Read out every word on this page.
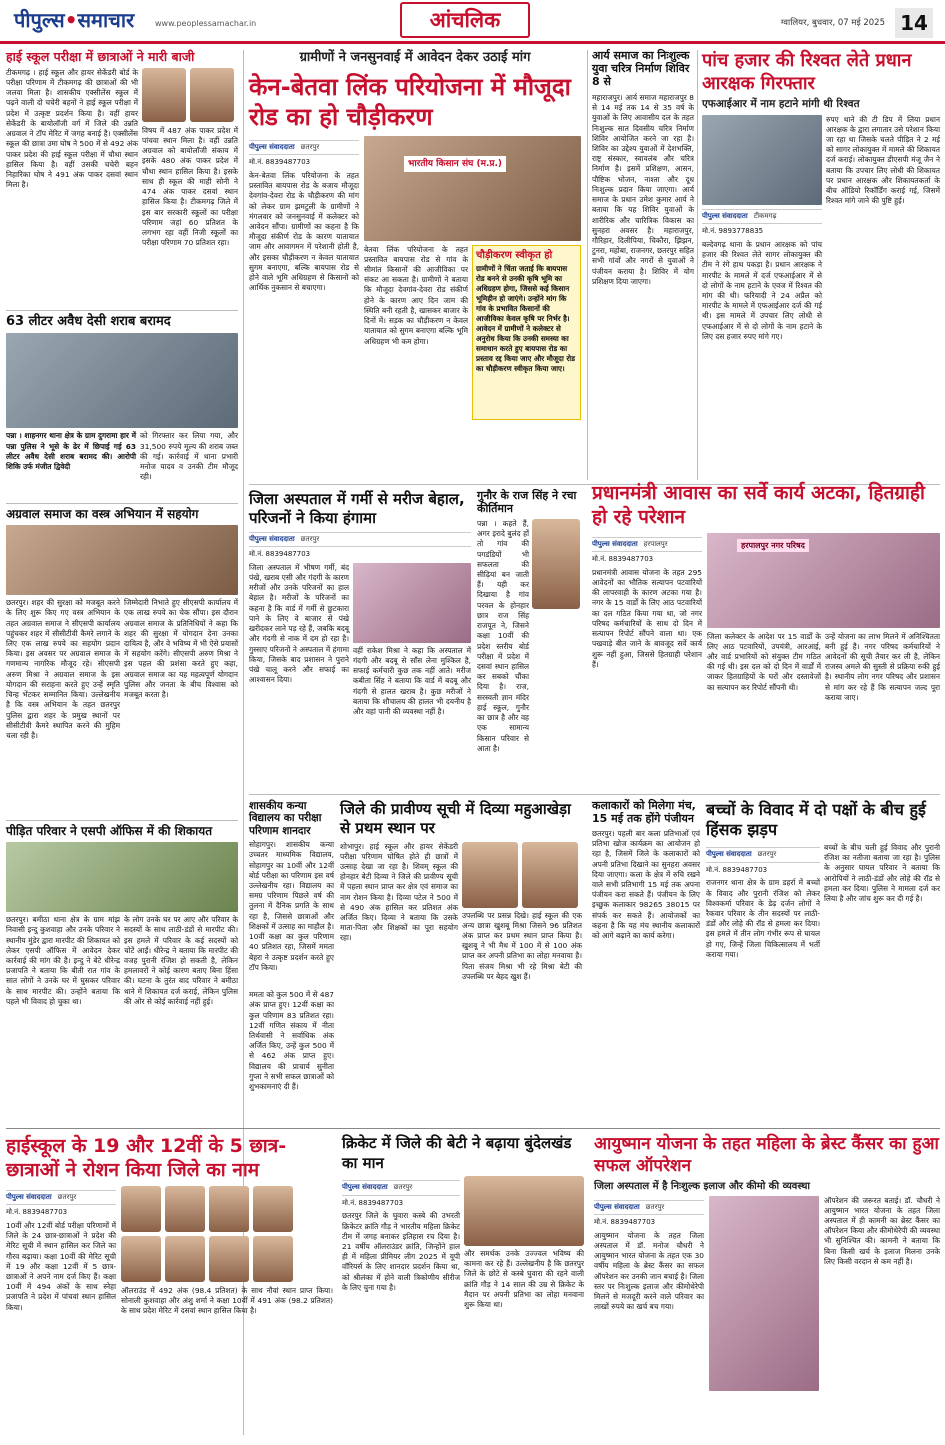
पीपुल्स•समाचार	www.peoplessamachar.in	आंचलिक	ग्वालियर, बुधवार, 07 मई 2025 14
हाई स्कूल परीक्षा में छात्राओं ने मारी बाजी
टीकमगढ़ । हाई स्कूल और हायर सेकेंडरी बोर्ड के परीक्षा परिणाम में टीकमगढ़ की छात्राओं की भी जलवा मिला है। शासकीय एक्सीलेंस स्कूल में पढ़ने वाली दो चचेरी बहनों ने हाई स्कूल परीक्षा में प्रदेश में उत्कृष्ट प्रदर्शन किया है। वहीं हायर सेकेंडरी के बायोलॉजी वर्ग में जिले की उन्नति अग्रवाल ने टॉप मेरिट में जगह बनाई है। एक्सीलेंस स्कूल की छात्रा उमा घोष ने 500 में से 492 अंक पाकर प्रदेश की हाई स्कूल परीक्षा में चौथा स्थान हासिल किया है। वहीं उसकी चचेरी बहन निहारिका घोष ने 491 अंक पाकर दसवां स्थान मिला है।
विषय में 487 अंक पाकर प्रदेश में पांचवा स्थान मिला है। वहीं उन्नति अग्रवाल को बायोलॉजी संकाय में इसके 480 अंक पाकर प्रदेश में चौथा स्थान हासिल किया है। इसके साथ ही स्कूल की माही सोनी ने 474 अंक पाकर दसवां स्थान हासिल किया है। टीकमगढ़ जिले में इस बार सरकारी स्कूलों का परीक्षा परिणाम जहां 60 प्रतिशत के लगभग रहा वहीं निजी स्कूलों का परीक्षा परिणाम 70 प्रतिशत रहा।
63 लीटर अवैध देसी शराब बरामद
पन्ना । शाहनगर थाना क्षेत्र के ग्राम दुगरामा हार में पन्ना पुलिस ने भूसे के ढेर में छिपाई गई 63 लीटर अवैध देसी शराब बरामद की। आरोपी शिकि उर्फ मंजीत द्विवेदी
को गिरफ्तार कर लिया गया, और 31,500 रुपये मूल्य की शराब जब्त की गई। कार्रवाई में थाना प्रभारी मनोज यादव व उनकी टीम मौजूद रही।
अग्रवाल समाज का वस्त्र अभियान में सहयोग
छतरपुर। शहर की सुरक्षा को मजबूत करने के लिए शुरू किए गए वस्त्र अभियान के तहत अग्रवाल समाज ने सीएसपी कार्यालय पहुंचकर शहर में सीसीटीवी कैमरे लगाने के लिए एक लाख रुपये का सहयोग प्रदान किया। इस अवसर पर अग्रवाल समाज के गणमान्य नागरिक मौजूद रहे। सीएसपी अरुण मिश्रा ने अग्रवाल समाज के इस योगदान की सराहना करते हुए उन्हें स्मृति चिन्ह भेंटकर सम्मानित किया। उल्लेखनीय है कि वस्त्र अभियान के तहत छतरपुर पुलिस द्वारा शहर के प्रमुख स्थानों पर सीसीटीवी कैमरे स्थापित करने की मुहिम चला रही है।
जिम्मेदारी निभाते हुए सीएसपी कार्यालय में एक लाख रुपये का चेक सौंपा। इस दौरान अग्रवाल समाज के प्रतिनिधियों ने कहा कि शहर की सुरक्षा में योगदान देना उनका दायित्व है, और वे भविष्य में भी ऐसे प्रयासों में सहयोग करेंगे। सीएसपी अरुण मिश्रा ने इस पहल की प्रशंसा करते हुए कहा, अग्रवाल समाज का यह महत्वपूर्ण योगदान पुलिस और जनता के बीच विश्वास को मजबूत करता है।
पीड़ित परिवार ने एसपी ऑफिस में की शिकायत
छतरपुर। बमीठा थाना क्षेत्र के ग्राम मांझ निवासी इन्दु कुशवाहा और उनके परिवार ने स्थानीय मुंडेर द्वारा मारपीट की शिकायत को लेकर एसपी ऑफिस में आवेदन देकर कार्रवाई की मांग की है। इन्दु ने बेटे धीरेन्द्र प्रजापति ने बताया कि बीती रात गांव के सात लोगों ने उनके घर में घुसकर परिवार के साथ मारपीट की। उन्होंने बताया कि पहले भी विवाद हो चुका था।
के लोग उनके घर पर आए और परिवार के सदस्यों के साथ लाठी-डंडों से मारपीट की। इस हमले में परिवार के कई सदस्यों को चोटें आईं। धीरेन्द्र ने बताया कि मारपीट की वजह पुरानी रंजिश हो सकती है, लेकिन हमलावरों ने कोई कारण बताए बिना हिंसा की। घटना के तुरंत बाद परिवार ने बमीठा थाने में शिकायत दर्ज कराई, लेकिन पुलिस की ओर से कोई कार्रवाई नहीं हुई।
ग्रामीणों ने जनसुनवाई में आवेदन देकर उठाई मांग
केन-बेतवा लिंक परियोजना में मौजूदा रोड का हो चौड़ीकरण
पीपुल्स संवाददाता छतरपुर
मो.नं. 8839487703
केन-बेतवा लिंक परियोजना के तहत प्रस्तावित बायपास रोड के बजाय मौजूदा देवगांव-देवरा रोड के चौड़ीकरण की मांग को लेकर ग्राम झमटुली के ग्रामीणों ने मंगलवार को जनसुनवाई में कलेक्टर को आवेदन सौंपा। ग्रामीणों का कहना है कि मौजूदा संकीर्ण रोड के कारण यातायात जाम और आवागमन में परेशानी होती है, और इसका चौड़ीकरण न केवल यातायात सुगम बनाएगा, बल्कि बायपास रोड से होने वाले भूमि अधिग्रहण से किसानों को आर्थिक नुकसान से बचाएगा।
भारतीय किसान संघ (म.प्र.)
बेतवा लिंक परियोजना के तहत प्रस्तावित बायपास रोड से गांव के सीमांत किसानों की आजीविका पर संकट आ सकता है। ग्रामीणों ने बताया कि मौजूदा देवगांव-देवरा रोड संकीर्ण होने के कारण आए दिन जाम की स्थिति बनी रहती है, खासकर बाजार के दिनों में। सड़क का चौड़ीकरण न केवल यातायात को सुगम बनाएगा बल्कि भूमि अधिग्रहण भी कम होगा।
चौड़ीकरण स्वीकृत हो
ग्रामीणों ने चिंता जताई कि बायपास रोड बनने से उनकी कृषि भूमि का अधिग्रहण होगा, जिससे कई किसान भूमिहीन हो जाएंगे। उन्होंने मांग कि गांव के प्रभावित किसानों की आजीविका केवल कृषि पर निर्भर है। आवेदन में ग्रामीणों ने कलेक्टर से अनुरोध किया कि उनकी समस्या का समाधान करते हुए बायपास रोड का प्रस्ताव रद्द किया जाए और मौजूदा रोड का चौड़ीकरण स्वीकृत किया जाए।
आर्य समाज का निःशुल्क युवा चरित्र निर्माण शिविर 8 से
महाराजपुर। आर्य समाज महाराजपुर 8 से 14 मई तक 14 से 35 वर्ष के युवाओं के लिए आवासीय दल के तहत निःशुल्क सात दिवसीय चरित्र निर्माण शिविर आयोजित करने जा रहा है। शिविर का उद्देश्य युवाओं में देशभक्ति, राष्ट्र संस्कार, स्वावलंब और चरित्र निर्माण है। इसमें प्रशिक्षण, आसन, पौष्टिक भोजन, नाश्ता और दूध निःशुल्क प्रदान किया जाएगा। आर्य समाज के प्रधान उमेश कुमार आर्य ने बताया कि यह शिविर युवाओं के शारीरिक और चारित्रिक विकास का सुनहरा अवसर है। महाराजपुर, गौरिहार, दिलीपिया, चिकौरा, झिझन, टुनरा, महोबा, राजनगर, छतरपुर सहित सभी गांवों और नगरों से युवाओं ने पंजीयन कराया है। शिविर में योग प्रशिक्षण दिया जाएगा।
पांच हजार की रिश्वत लेते प्रधान आरक्षक गिरफ्तार
एफआईआर में नाम हटाने मांगी थी रिश्वत
पीपुल्स संवाददाता टीकमगढ़
मो.नं. 9893778835
बल्देवगढ़ थाना के प्रधान आरक्षक को पांच हजार की रिश्वत लेते सागर लोकायुक्त की टीम ने रंगे हाथ पकड़ा है। प्रधान आरक्षक ने मारपीट के मामले में दर्ज एफआईआर में से दो लोगों के नाम हटाने के एवज में रिश्वत की मांग की थी। फरियादी ने 24 अप्रैल को मारपीट के मामले में एफआईआर दर्ज की गई थी। इस मामले में उपचार लिए लोधी से एफआईआर में से दो लोगों के नाम हटाने के लिए दस हजार रुपए मांगे गए।
रुपए थाने की टी डिप में लिया प्रधान आरक्षक के द्वारा लगातार उसे परेशान किया जा रहा था जिसके चलते पीड़ित ने 2 मई को सागर लोकायुक्त में मामले की शिकायत दर्ज कराई। लोकायुक्त डीएसपी मंजू जैन ने बताया कि उपचार लिए लोधी की शिकायत पर प्रधान आरक्षक और शिकायतकर्ता के बीच ऑडियो रिकॉर्डिंग कराई गई, जिसमें रिश्वत मांगे जाने की पुष्टि हुई।
जिला अस्पताल में गर्मी से मरीज बेहाल, परिजनों ने किया हंगामा
पीपुल्स संवाददाता छतरपुर
मो.नं. 8839487703
जिला अस्पताल में भीषण गर्मी, बंद पंखे, खराब एसी और गंदगी के कारण मरीजों और उनके परिजनों का हाल बेहाल है। मरीजों के परिजनों का कहना है कि वार्ड में गर्मी से छुटकारा पाने के लिए वे बाजार से पंखे खरीदकर लाने पड़ रहे हैं, जबकि बदबू और गंदगी से नाक में दम हो रहा है। गुस्साए परिजनों ने अस्पताल में हंगामा किया, जिसके बाद प्रशासन ने पुराने पंखे चालू करने और सफाई का आश्वासन दिया।
वहीं राकेश मिश्रा ने कहा कि अस्पताल में गंदगी और बदबू से साँस लेना मुश्किल है, सफाई कर्मचारी कुछ तक नहीं आते। मरीज कबीता सिंह ने बताया कि वार्ड में बदबू और गंदगी से हालत खराब है। कुछ मरीजों ने बताया कि शौचालय की हालत भी दयनीय है और वहां पानी की व्यवस्था नहीं है।
गुनौर के राज सिंह ने रचा कीर्तिमान
पन्ना । कहते हैं, अगर इरादे बुलंद हों तो गांव की पगडंडियों भी सफलता की सीढ़ियां बन जाती हैं। यही कर दिखाया है गांव परवल के होनहार छात्र राज सिंह राजपूत ने, जिसने कक्षा 10वीं की प्रदेश स्तरीय बोर्ड परीक्षा में प्रदेश में दसवां स्थान हासिल कर सबको चौंका दिया है। राज, सरस्वती ज्ञान मंदिर हाई स्कूल, गुनौर का छात्र है और वह एक सामान्य किसान परिवार से आता है।
प्रधानमंत्री आवास का सर्वे कार्य अटका, हितग्राही हो रहे परेशान
पीपुल्स संवाददाता हरपालपुर
मो.नं. 8839487703
प्रधानमंत्री आवास योजना के तहत 295 आवेदनों का भौतिक सत्यापन पटवारियों की लापरवाही के कारण अटका गया है। नगर के 15 वार्डों के लिए आठ पटवारियों का दल गठित किया गया था, जो नगर परिषद कर्मचारियों के साथ दो दिन में सत्यापन रिपोर्ट सौंपने वाला था। एक पखवाड़े बीत जाने के बावजूद सर्वे कार्य शुरू नहीं हुआ, जिससे हितग्राही परेशान हैं।
हरपालपुर नगर परिषद
जिला कलेक्टर के आदेश पर 15 वार्डों के लिए आठ पटवारियों, उपयंत्री, आरआई, और वार्ड प्रभारियों को संयुक्त टीम गठित की गई थी। इस दल को दो दिन में वार्डों में जाकर हितग्राहियों के घरों और दस्तावेजों का सत्यापन कर रिपोर्ट सौंपनी थी।
उन्हें योजना का लाभ मिलने में अनिश्चितता बनी हुई है। नगर परिषद कर्मचारियों ने आवेदनों की सूची तैयार कर ली है, लेकिन राजस्व अमले की सुस्ती से प्रक्रिया रुकी हुई है। स्थानीय लोग नगर परिषद और प्रशासन से मांग कर रहे हैं कि सत्यापन जल्द पूरा कराया जाए।
शासकीय कन्या विद्यालय का परीक्षा परिणाम शानदार
सोहागपुर। शासकीय कन्या उच्चतर माध्यमिक विद्यालय, सोहागपुर का 10वीं और 12वीं बोर्ड परीक्षा का परिणाम इस वर्ष उल्लेखनीय रहा। विद्यालय का समग्र परिणाम पिछले वर्ष की तुलना में दैनिक प्रगति के साथ रहा है, जिससे छात्राओं और शिक्षकों में उत्साह का माहौल है। 10वीं कक्षा का कुल परिणाम 40 प्रतिशत रहा, जिसमें ममता बेहरा ने उत्कृष्ट प्रदर्शन करते हुए टॉप किया।
ममता को कुल 500 में से 487 अंक प्राप्त हुए। 12वीं कक्षा का कुल परिणाम 83 प्रतिशत रहा। 12वीं गणित संकाय में नीता तिर्थवासी ने सर्वाधिक अंक अर्जित किए, उन्हें कुल 500 में से 462 अंक प्राप्त हुए। विद्यालय की प्राचार्य सुनीता गुप्ता ने सभी सफल छात्राओं को शुभकामनाएं दी हैं।
जिले की प्रावीण्य सूची में दिव्या महुआखेड़ा से प्रथम स्थान पर
शोभापुर। हाई स्कूल और हायर सेकेंडरी परीक्षा परिणाम घोषित होते ही छात्रों में उत्साह देखा जा रहा है। शिवम् स्कूल की होनहार बेटी दिव्या ने जिले की प्रावीण्य सूची में पहला स्थान प्राप्त कर क्षेत्र एवं समाज का नाम रोशन किया है। दिव्या पटेल ने 500 में से 490 अंक हासिल कर प्रतिशत अंक अर्जित किए। दिव्या ने बताया कि उसके माता-पिता और शिक्षकों का पूरा सहयोग रहा।
उपलब्धि पर प्रसन्न दिखे। हाई स्कूल की एक अन्य छात्रा खुशबू मिश्रा जिसने 96 प्रतिशत अंक प्राप्त कर प्रथम स्थान प्राप्त किया है। खुशबू ने भी मैथ में 100 में से 100 अंक प्राप्त कर अपनी प्रतिभा का लोहा मनवाया है। पिता संजय मिश्रा भी रहे मिश्रा बेटी की उपलब्धि पर बेहद खुश हैं।
कलाकारों को मिलेगा मंच, 15 मई तक होंगे पंजीयन
छतरपुर। पहली बार कला प्रतिभाओं एवं प्रतिभा खोज कार्यक्रम का आयोजन हो रहा है, जिसमें जिले के कलाकारों को अपनी प्रतिभा दिखाने का सुनहरा अवसर दिया जाएगा। कला के क्षेत्र में रुचि रखने वाले सभी प्रतिभागी 15 मई तक अपना पंजीयन करा सकते हैं। पंजीयन के लिए इच्छुक कलाकार 98265 38015 पर संपर्क कर सकते हैं। आयोजकों का कहना है कि यह मंच स्थानीय कलाकारों को आगे बढ़ाने का कार्य करेगा।
बच्चों के विवाद में दो पक्षों के बीच हुई हिंसक झड़प
पीपुल्स संवाददाता छतरपुर
मो.नं. 8839487703
राजनगर थाना क्षेत्र के ग्राम डहर्रा में बच्चों के विवाद और पुरानी रंजिश को लेकर विश्वकर्मा परिवार के डेढ़ दर्जन लोगों ने रैकवार परिवार के तीन सदस्यों पर लाठी-डंडों और लोहे की रॉड से हमला कर दिया। इस हमले में तीन लोग गंभीर रूप से घायल हो गए, जिन्हें जिला चिकित्सालय में भर्ती कराया गया।
बच्चों के बीच चली हुई विवाद और पुरानी रंजिश का नतीजा बताया जा रहा है। पुलिस के अनुसार घायल परिवार ने बताया कि आरोपियों ने लाठी-डंडों और लोहे की रॉड से हमला कर दिया। पुलिस ने मामला दर्ज कर लिया है और जांच शुरू कर दी गई है।
हाईस्कूल के 19 और 12वीं के 5 छात्र-छात्राओं ने रोशन किया जिले का नाम
पीपुल्स संवाददाता छतरपुर
मो.नं. 8839487703
10वीं और 12वीं बोर्ड परीक्षा परिणामों में जिले के 24 छात्र-छात्राओं ने प्रदेश की मेरिट सूची में स्थान हासिल कर जिले का गौरव बढ़ाया। कक्षा 10वीं की मेरिट सूची में 19 और कक्षा 12वीं में 5 छात्र-छात्राओं ने अपने नाम दर्ज किए हैं। कक्षा 10वीं में 494 अंकों के साथ स्नेहा प्रजापति ने प्रदेश में पांचवां स्थान हासिल किया।
ऑलराउंड में 492 अंक (98.4 प्रतिशत) के साथ नौवां स्थान प्राप्त किया। सोनाली कुशवाहा और अंशु शर्मा ने कक्षा 10वीं में 491 अंक (98.2 प्रतिशत) के साथ प्रदेश मेरिट में दसवां स्थान हासिल किया है।
क्रिकेट में जिले की बेटी ने बढ़ाया बुंदेलखंड का मान
पीपुल्स संवाददाता छतरपुर
मो.नं. 8839487703
छतरपुर जिले के घुवारा कस्बे की उभरती क्रिकेटर क्रांति गौड़ ने भारतीय महिला क्रिकेट टीम में जगह बनाकर इतिहास रच दिया है। 21 वर्षीय ऑलराउंडर क्रांति, जिन्होंने हाल ही में महिला प्रीमियर लीग 2025 में यूपी वॉरियर्स के लिए शानदार प्रदर्शन किया था, को श्रीलंका में होने वाली त्रिकोणीय सीरीज के लिए चुना गया है।
और समर्थक उनके उज्ज्वल भविष्य की कामना कर रहे हैं। उल्लेखनीय है कि छतरपुर जिले के छोटे से कस्बे घुवारा की रहने वाली क्रांति गौड़ ने 14 साल की उम्र से क्रिकेट के मैदान पर अपनी प्रतिभा का लोहा मनवाना शुरू किया था।
आयुष्मान योजना के तहत महिला के ब्रेस्ट कैंसर का हुआ सफल ऑपरेशन
जिला अस्पताल में है निःशुल्क इलाज और कीमो की व्यवस्था
पीपुल्स संवाददाता छतरपुर
मो.नं. 8839487703
आयुष्मान योजना के तहत जिला अस्पताल में डॉ. मनोज चौधरी ने आयुष्मान भारत योजना के तहत एक 30 वर्षीय महिला के ब्रेस्ट कैंसर का सफल ऑपरेशन कर उनकी जान बचाई है। जिला स्तर पर निःशुल्क इलाज और कीमोथेरेपी मिलने से मजदूरी करने वाले परिवार का लाखों रुपये का खर्च बच गया।
ऑपरेशन की जरूरत बताई। डॉ. चौधरी ने आयुष्मान भारत योजना के तहत जिला अस्पताल में ही कामनी का ब्रेस्ट कैंसर का ऑपरेशन किया और कीमोथेरेपी की व्यवस्था भी सुनिश्चित की। कामनी ने बताया कि बिना किसी खर्च के इलाज मिलना उनके लिए किसी वरदान से कम नहीं है।
